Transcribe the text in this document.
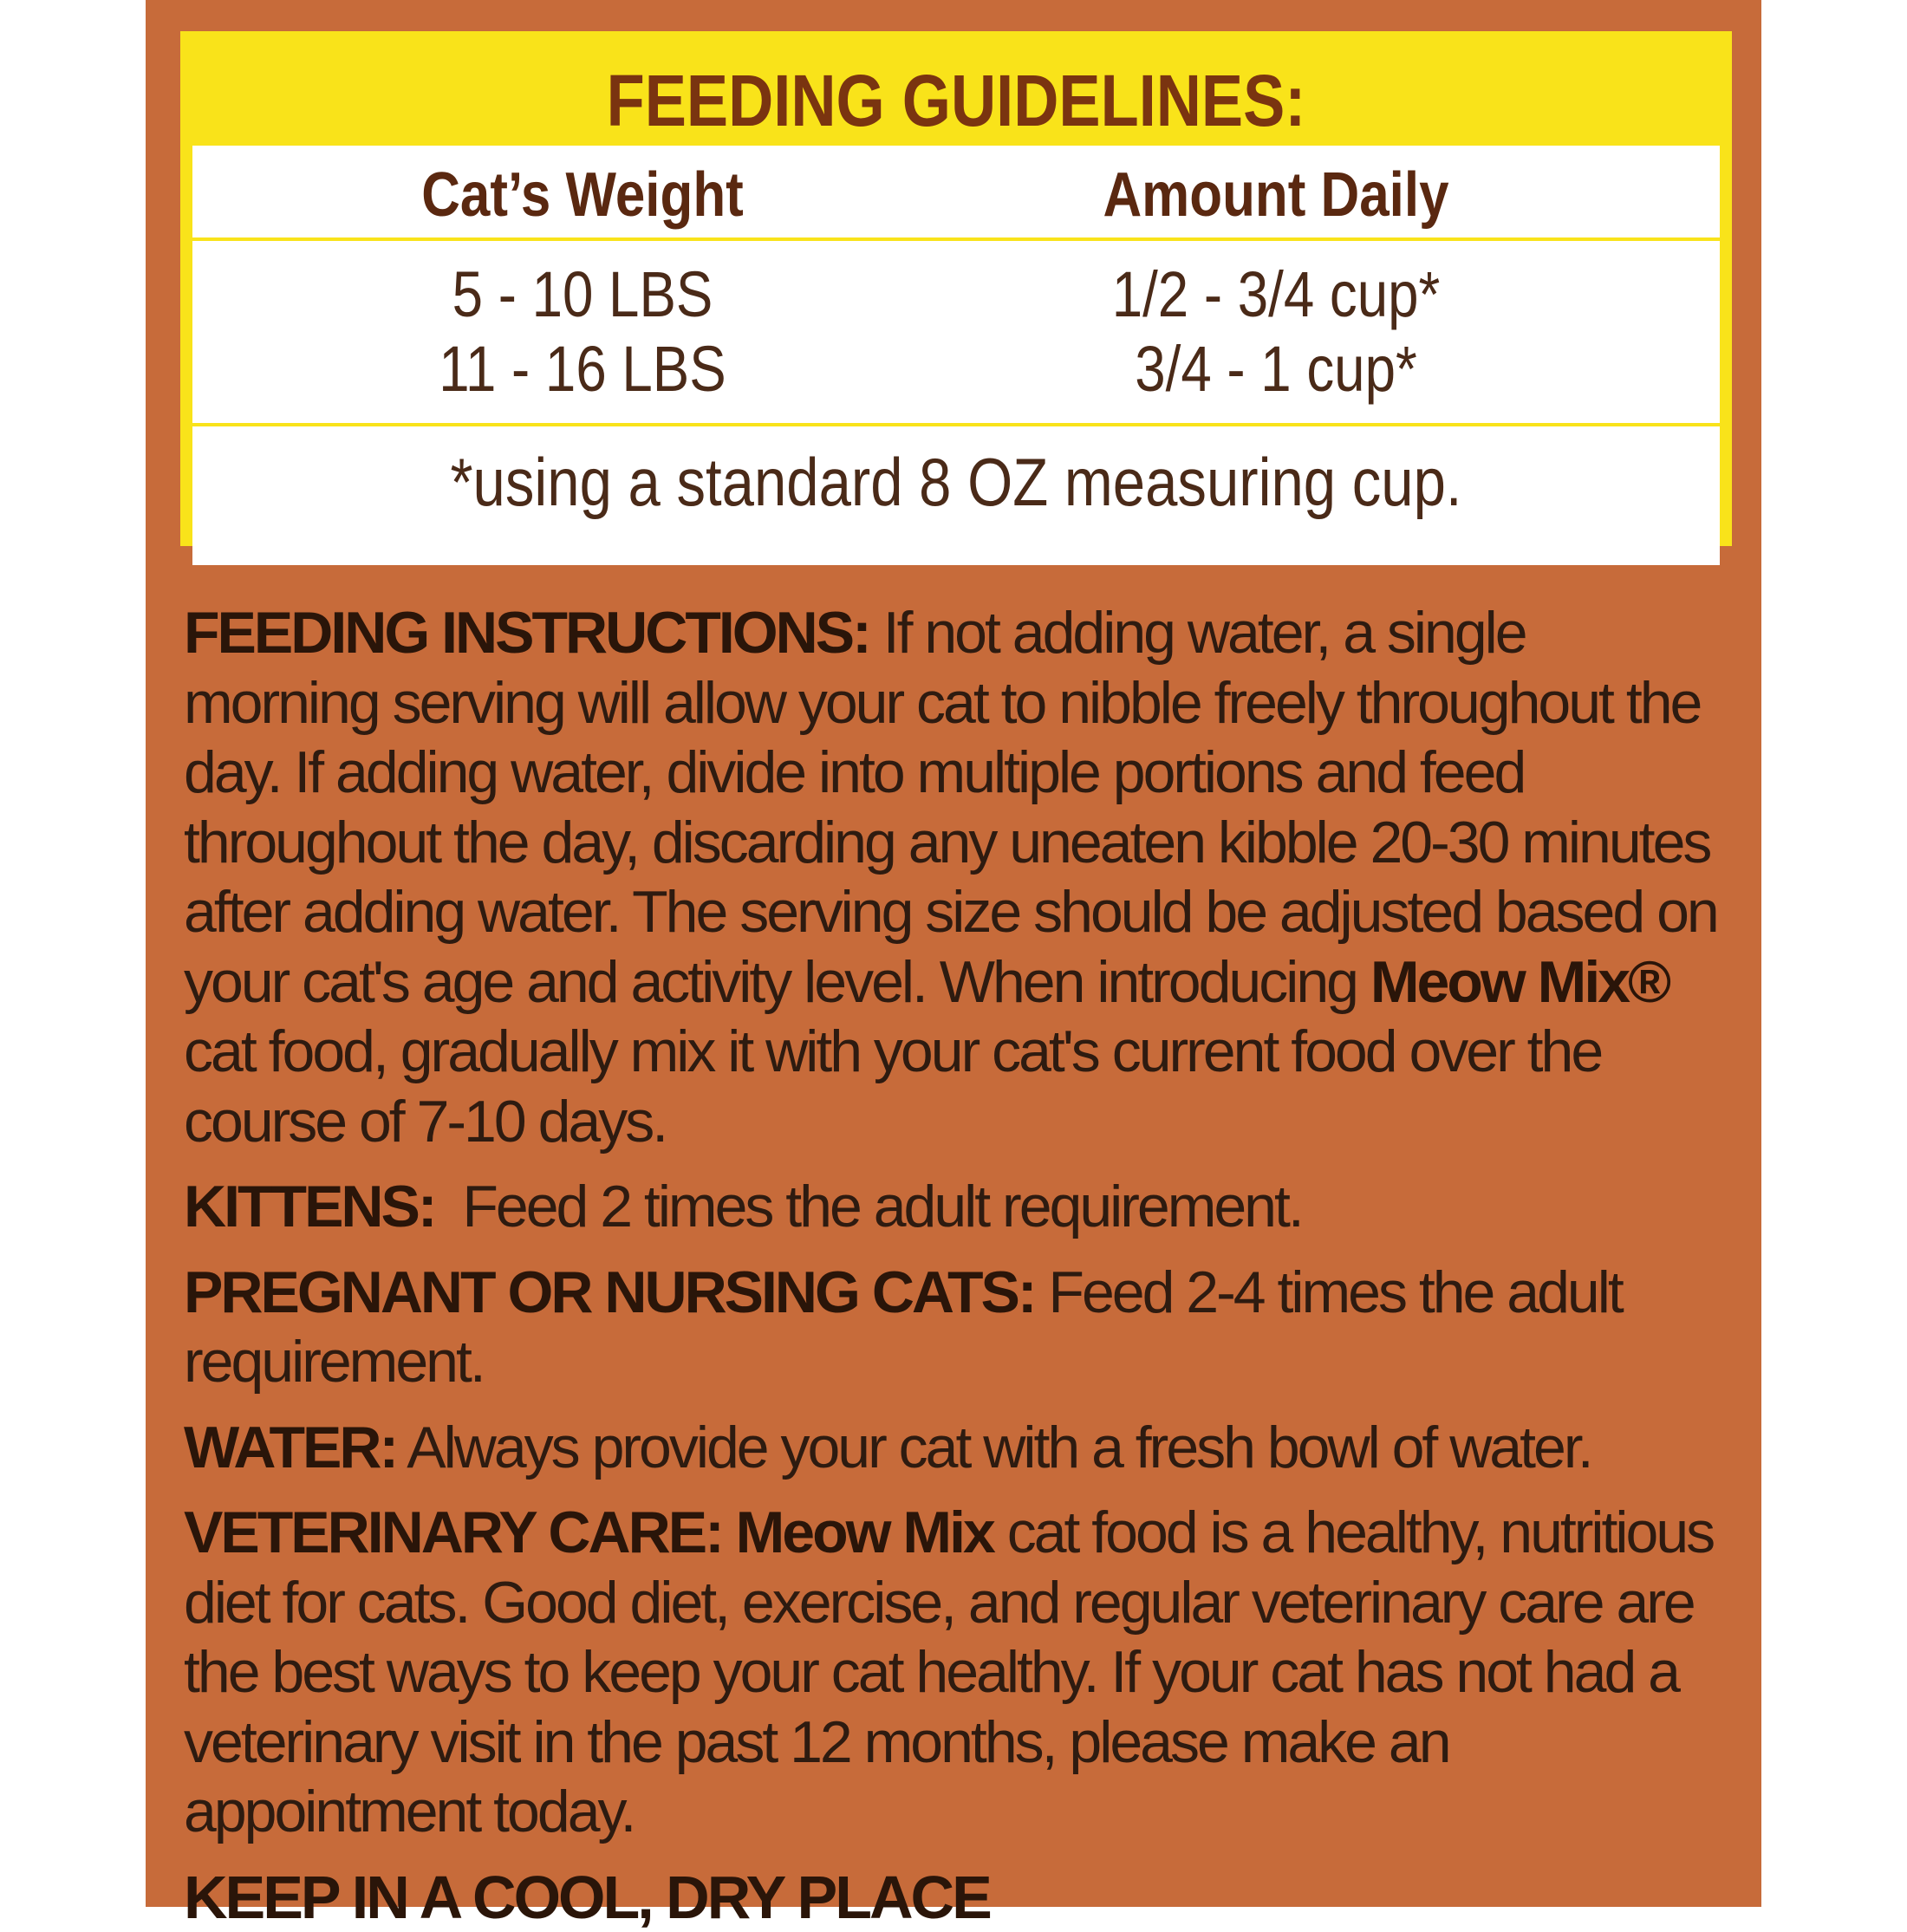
FEEDING GUIDELINES:
Cat’s Weight	Amount Daily
5 - 10 LBS	1/2 - 3/4 cup*
11 - 16 LBS	3/4 - 1 cup*
*using a standard 8 OZ measuring cup.

FEEDING INSTRUCTIONS: If not adding water, a single morning serving will allow your cat to nibble freely throughout the day. If adding water, divide into multiple portions and feed throughout the day, discarding any uneaten kibble 20-30 minutes after adding water. The serving size should be adjusted based on your cat's age and activity level. When introducing Meow Mix® cat food, gradually mix it with your cat's current food over the course of 7-10 days.

KITTENS:  Feed 2 times the adult requirement.

PREGNANT OR NURSING CATS: Feed 2-4 times the adult requirement.

WATER: Always provide your cat with a fresh bowl of water.

VETERINARY CARE: Meow Mix cat food is a healthy, nutritious diet for cats. Good diet, exercise, and regular veterinary care are the best ways to keep your cat healthy. If your cat has not had a veterinary visit in the past 12 months, please make an appointment today.

KEEP IN A COOL, DRY PLACE
